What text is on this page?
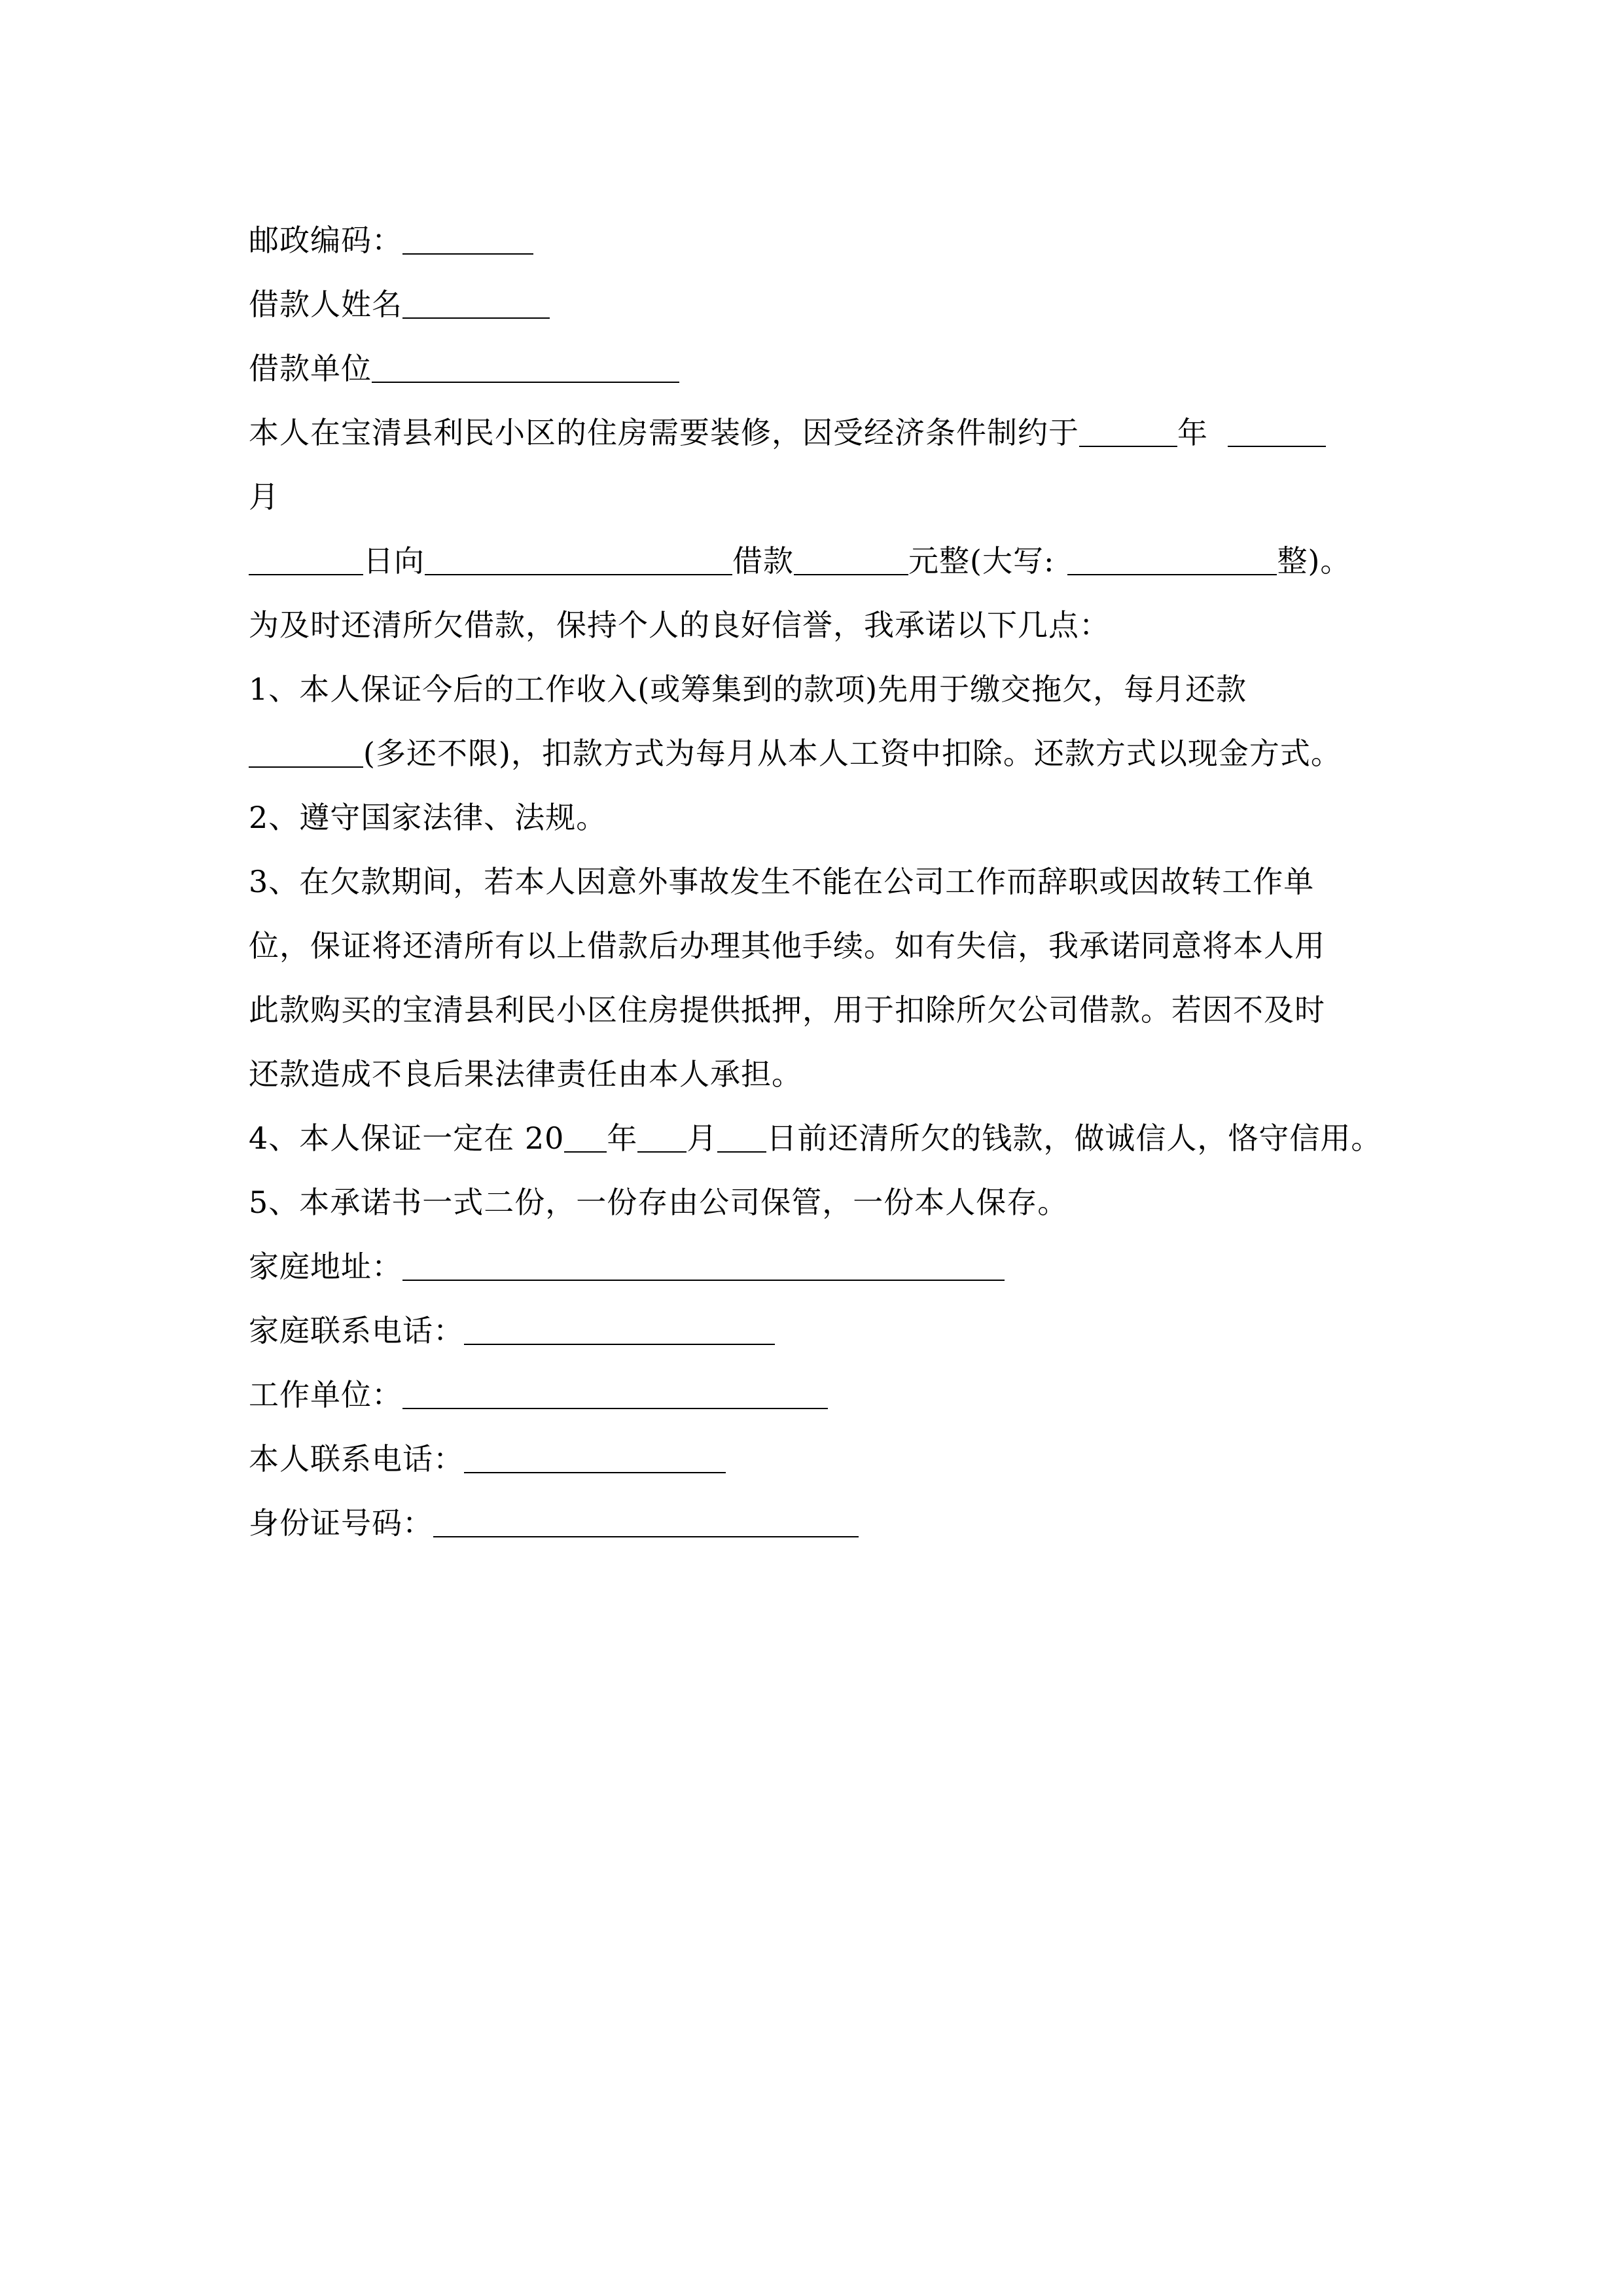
邮政编码：
借款人姓名
借款单位
本人在宝清县利民小区的住房需要装修，因受经济条件制约于	年
月
日向	借款	元整(大写:	整)。
为及时还清所欠借款，保持个人的良好信誉，我承诺以下几点：
1、本人保证今后的工作收入(或筹集到的款项)先用于缴交拖欠，每月还款
(多还不限)，扣款方式为每月从本人工资中扣除。还款方式以现金方式。
2、遵守国家法律、法规。
3、在欠款期间，若本人因意外事故发生不能在公司工作而辞职或因故转工作单
位，保证将还清所有以上借款后办理其他手续。如有失信，我承诺同意将本人用
此款购买的宝清县利民小区住房提供抵押，用于扣除所欠公司借款。若因不及时
还款造成不良后果法律责任由本人承担。
4、本人保证一定在 20 年 月 日前还清所欠的钱款，做诚信人，恪守信用。
5、本承诺书一式二份，一份存由公司保管，一份本人保存。
家庭地址：
家庭联系电话：
工作单位：
本人联系电话：
身份证号码：
